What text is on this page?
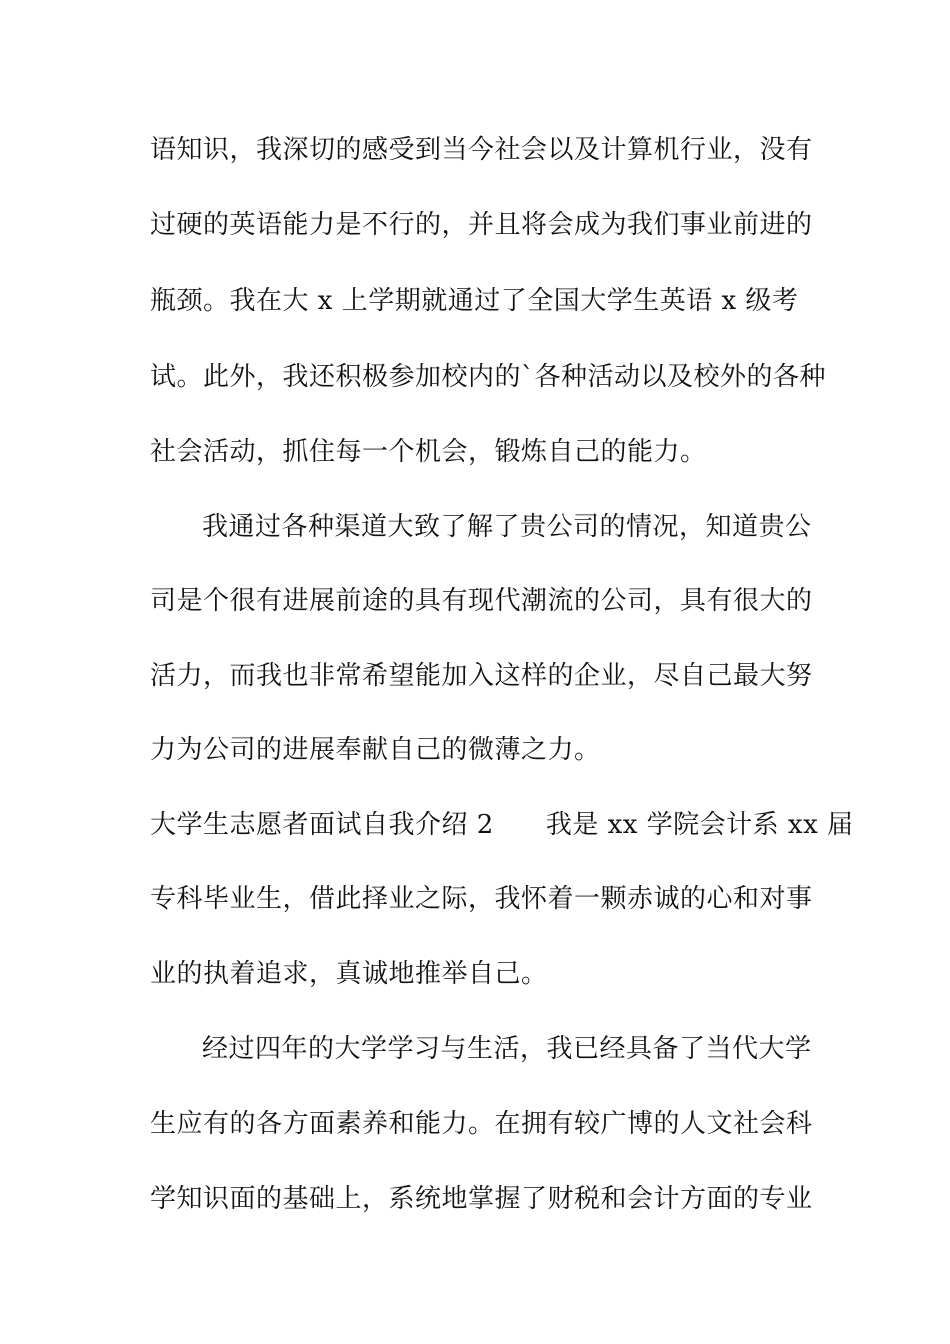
语知识，我深切的感受到当今社会以及计算机行业，没有
过硬的英语能力是不行的，并且将会成为我们事业前进的
瓶颈。我在大 x 上学期就通过了全国大学生英语 x 级考
试。此外，我还积极参加校内的`各种活动以及校外的各种
社会活动，抓住每一个机会，锻炼自己的能力。
我通过各种渠道大致了解了贵公司的情况，知道贵公
司是个很有进展前途的具有现代潮流的公司，具有很大的
活力，而我也非常希望能加入这样的企业，尽自己最大努
力为公司的进展奉献自己的微薄之力。
大学生志愿者面试自我介绍 2 我是 xx 学院会计系 xx 届
专科毕业生，借此择业之际，我怀着一颗赤诚的心和对事
业的执着追求，真诚地推举自己。
经过四年的大学学习与生活，我已经具备了当代大学
生应有的各方面素养和能力。在拥有较广博的人文社会科
学知识面的基础上，系统地掌握了财税和会计方面的专业
